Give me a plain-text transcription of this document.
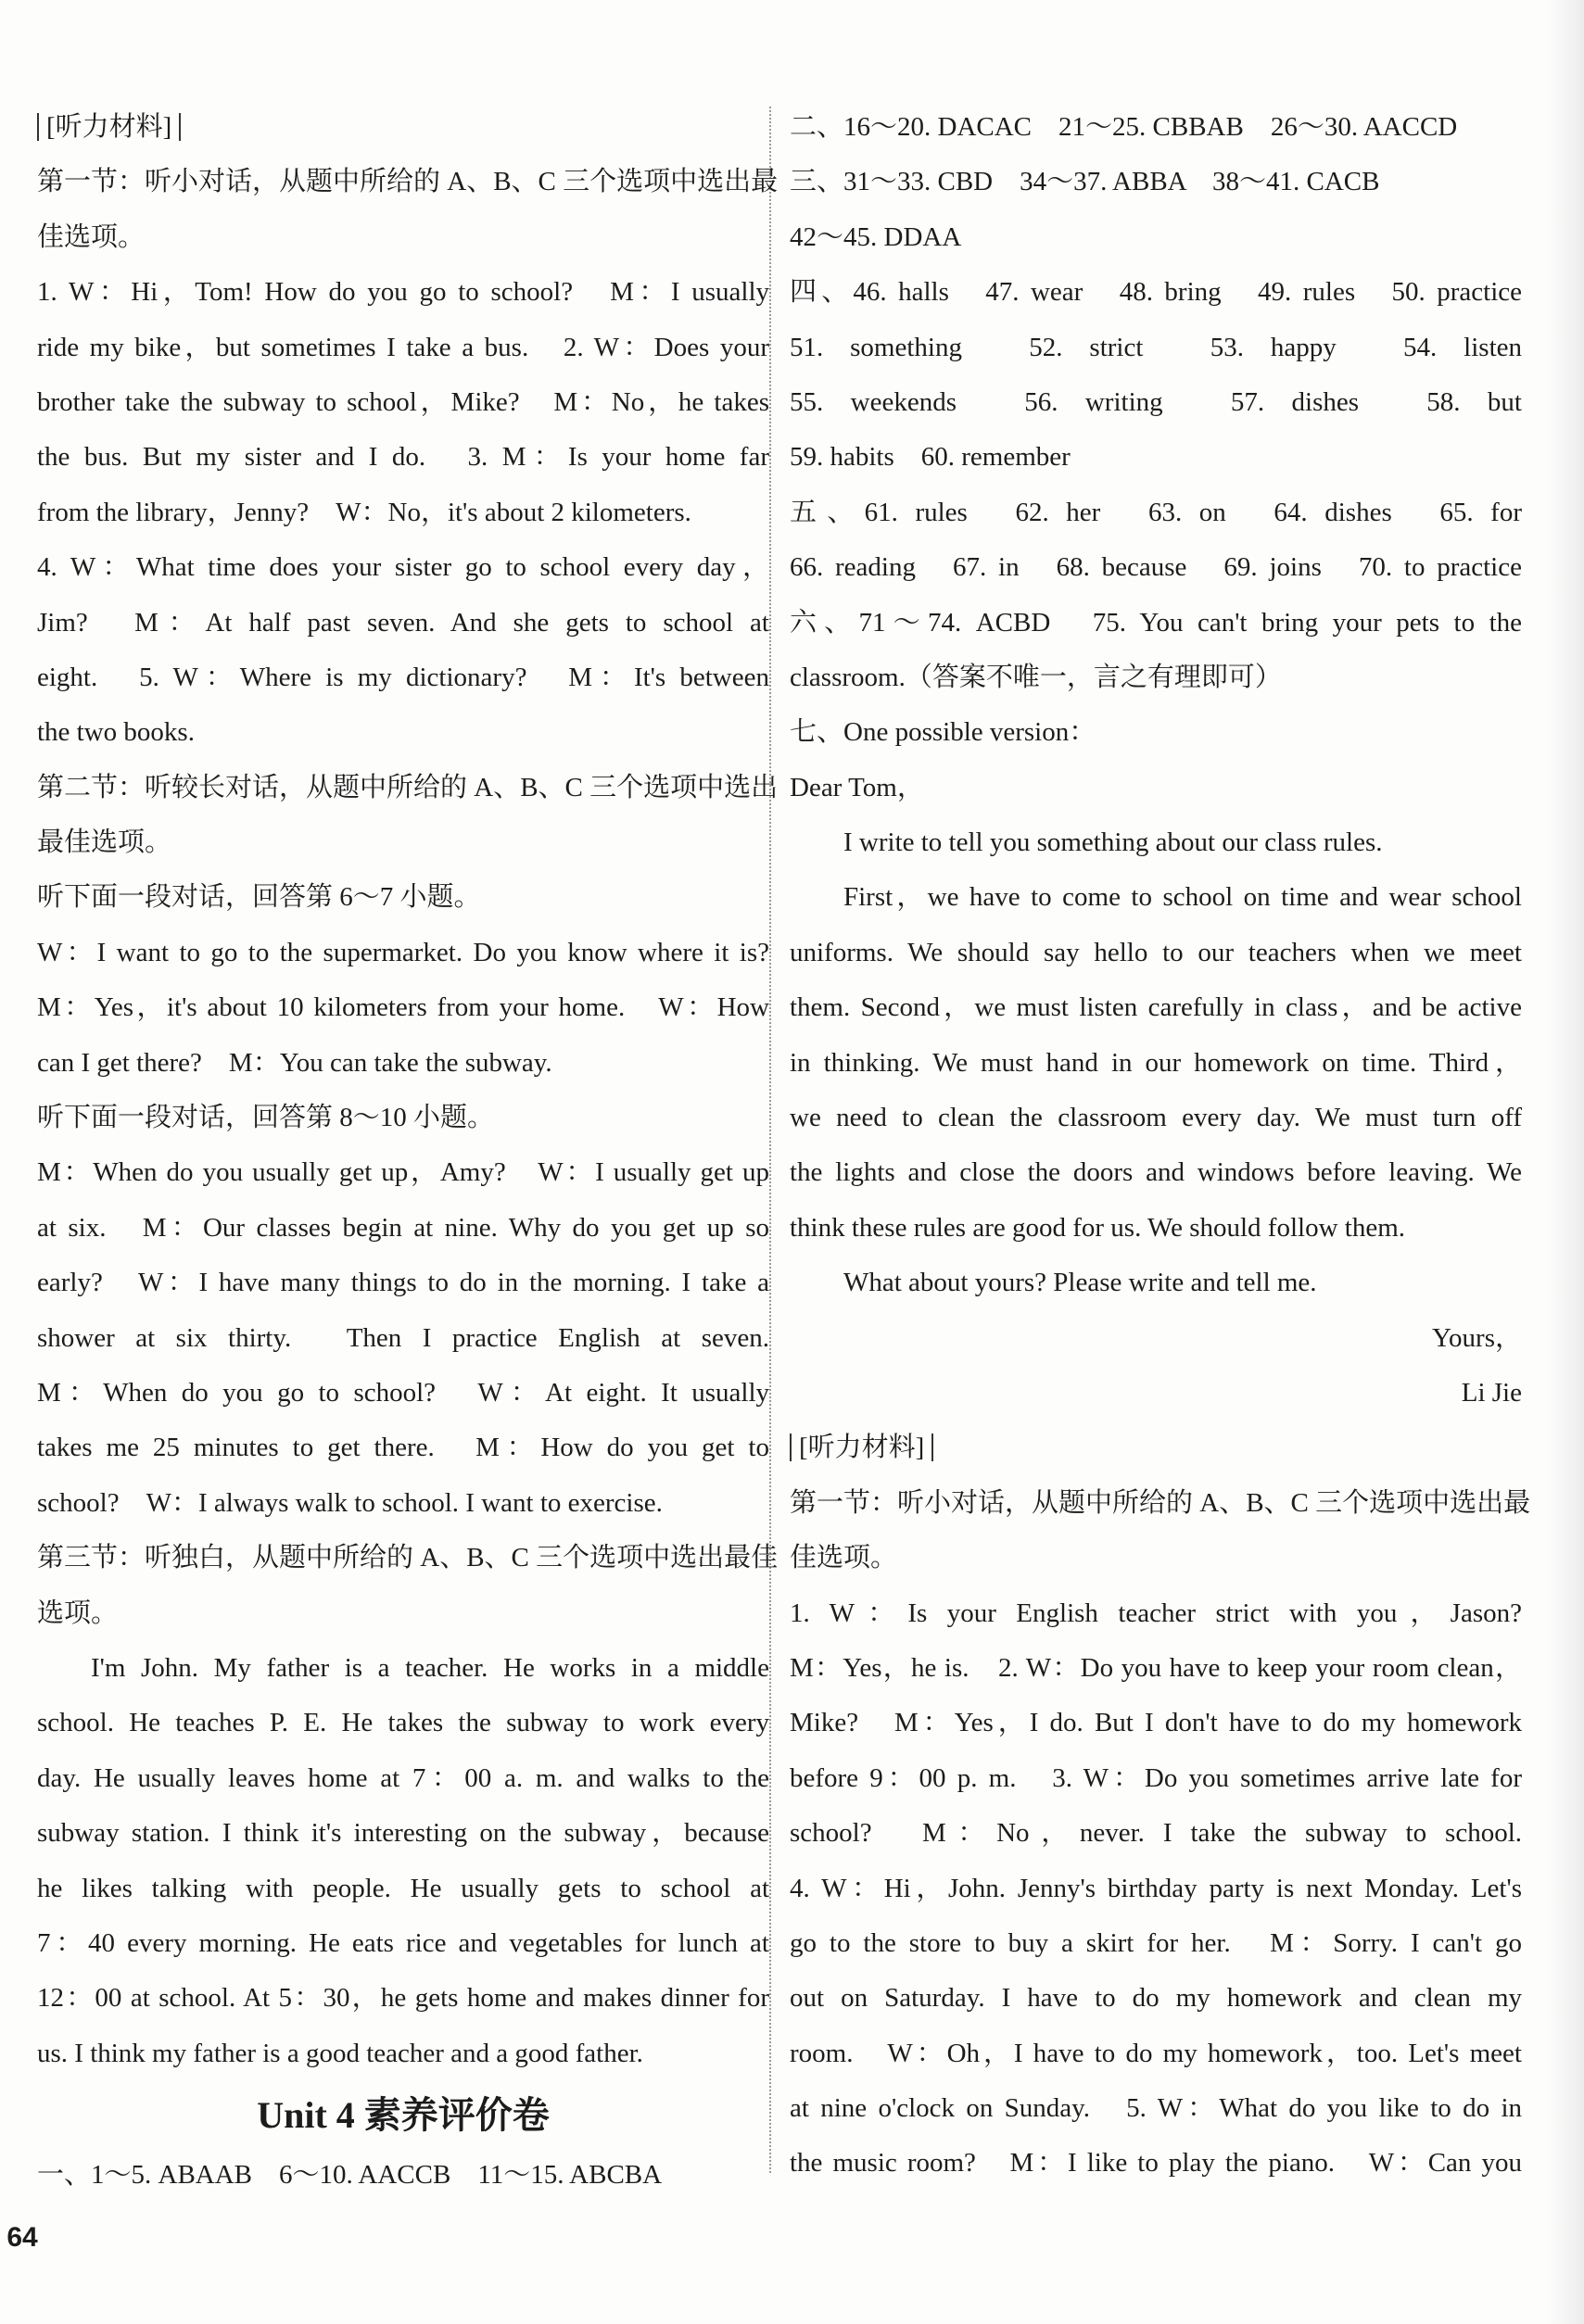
[听力材料]
第一节：听小对话，从题中所给的 A、B、C 三个选项中选出最
佳选项。
1. W：Hi，Tom! How do you go to school?　M：I usually
ride my bike，but sometimes I take a bus.　2. W：Does your
brother take the subway to school，Mike?　M：No，he takes
the bus. But my sister and I do.　3. M：Is your home far
from the library，Jenny?　W：No，it's about 2 kilometers.
4. W：What time does your sister go to school every day，
Jim?　M：At half past seven. And she gets to school at
eight.　5. W：Where is my dictionary?　M：It's between
the two books.
第二节：听较长对话，从题中所给的 A、B、C 三个选项中选出
最佳选项。
听下面一段对话，回答第 6～7 小题。
W：I want to go to the supermarket. Do you know where it is?
M：Yes，it's about 10 kilometers from your home.　W：How
can I get there?　M：You can take the subway.
听下面一段对话，回答第 8～10 小题。
M：When do you usually get up，Amy?　W：I usually get up
at six.　M：Our classes begin at nine. Why do you get up so
early?　W：I have many things to do in the morning. I take a
shower at six thirty.　Then I practice English at seven.
M：When do you go to school?　W：At eight. It usually
takes me 25 minutes to get there.　M：How do you get to
school?　W：I always walk to school. I want to exercise.
第三节：听独白，从题中所给的 A、B、C 三个选项中选出最佳
选项。
I'm John. My father is a teacher. He works in a middle
school. He teaches P. E. He takes the subway to work every
day. He usually leaves home at 7：00 a. m. and walks to the
subway station. I think it's interesting on the subway，because
he likes talking with people. He usually gets to school at
7：40 every morning. He eats rice and vegetables for lunch at
12：00 at school. At 5：30，he gets home and makes dinner for
us. I think my father is a good teacher and a good father.
Unit 4 素养评价卷
一、1～5. ABAAB　6～10. AACCB　11～15. ABCBA
二、16～20. DACAC　21～25. CBBAB　26～30. AACCD
三、31～33. CBD　34～37. ABBA　38～41. CACB
42～45. DDAA
四、46. halls　47. wear　48. bring　49. rules　50. practice
51. something　52. strict　53. happy　54. listen
55. weekends　56. writing　57. dishes　58. but
59. habits　60. remember
五、61. rules　62. her　63. on　64. dishes　65. for
66. reading　67. in　68. because　69. joins　70. to practice
六、71～74. ACBD　75. You can't bring your pets to the
classroom.（答案不唯一，言之有理即可）
七、One possible version：
Dear Tom，
I write to tell you something about our class rules.
First，we have to come to school on time and wear school
uniforms. We should say hello to our teachers when we meet
them. Second，we must listen carefully in class，and be active
in thinking. We must hand in our homework on time. Third，
we need to clean the classroom every day. We must turn off
the lights and close the doors and windows before leaving. We
think these rules are good for us. We should follow them.
What about yours? Please write and tell me.
Yours，
Li Jie
[听力材料]
第一节：听小对话，从题中所给的 A、B、C 三个选项中选出最
佳选项。
1. W：Is your English teacher strict with you，Jason?
M：Yes，he is.　2. W：Do you have to keep your room clean，
Mike?　M：Yes，I do. But I don't have to do my homework
before 9：00 p. m.　3. W：Do you sometimes arrive late for
school?　M：No，never. I take the subway to school.
4. W：Hi，John. Jenny's birthday party is next Monday. Let's
go to the store to buy a skirt for her.　M：Sorry. I can't go
out on Saturday. I have to do my homework and clean my
room.　W：Oh，I have to do my homework，too. Let's meet
at nine o'clock on Sunday.　5. W：What do you like to do in
the music room?　M：I like to play the piano.　W：Can you
64
